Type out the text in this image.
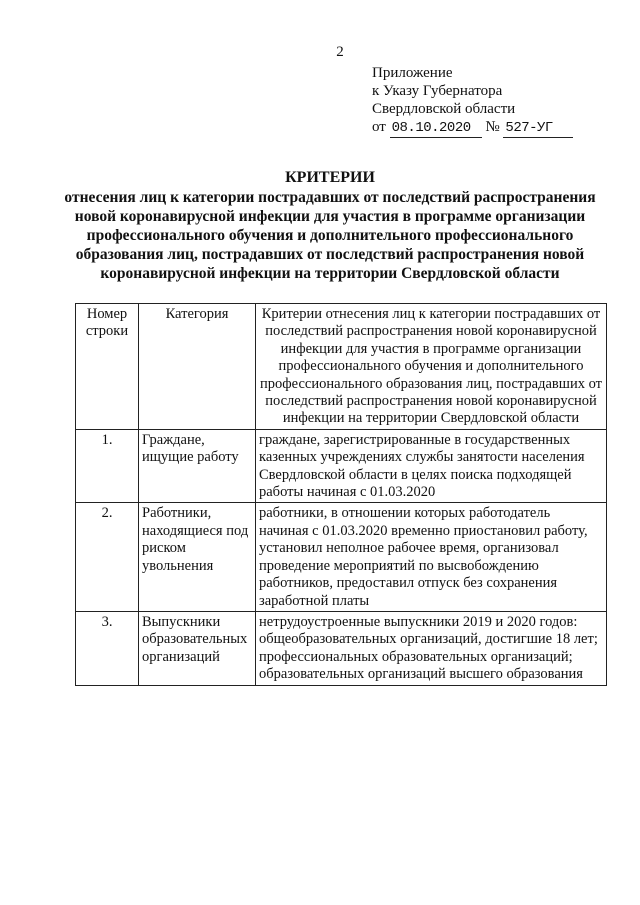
2
Приложение
к Указу Губернатора
Свердловской области
от 08.10.2020 № 527-УГ
КРИТЕРИИ
отнесения лиц к категории пострадавших от последствий распространения новой коронавирусной инфекции для участия в программе организации профессионального обучения и дополнительного профессионального образования лиц, пострадавших от последствий распространения новой коронавирусной инфекции на территории Свердловской области
Номер строки	Категория	Критерии отнесения лиц к категории пострадавших от последствий распространения новой коронавирусной инфекции для участия в программе организации профессионального обучения и дополнительного профессионального образования лиц, пострадавших от последствий распространения новой коронавирусной инфекции на территории Свердловской области
1.	Граждане, ищущие работу	граждане, зарегистрированные в государственных казенных учреждениях службы занятости населения Свердловской области в целях поиска подходящей работы начиная с 01.03.2020
2.	Работники, находящиеся под риском увольнения	работники, в отношении которых работодатель начиная с 01.03.2020 временно приостановил работу, установил неполное рабочее время, организовал проведение мероприятий по высвобождению работников, предоставил отпуск без сохранения заработной платы
3.	Выпускники образовательных организаций	нетрудоустроенные выпускники 2019 и 2020 годов: общеобразовательных организаций, достигшие 18 лет; профессиональных образовательных организаций; образовательных организаций высшего образования
